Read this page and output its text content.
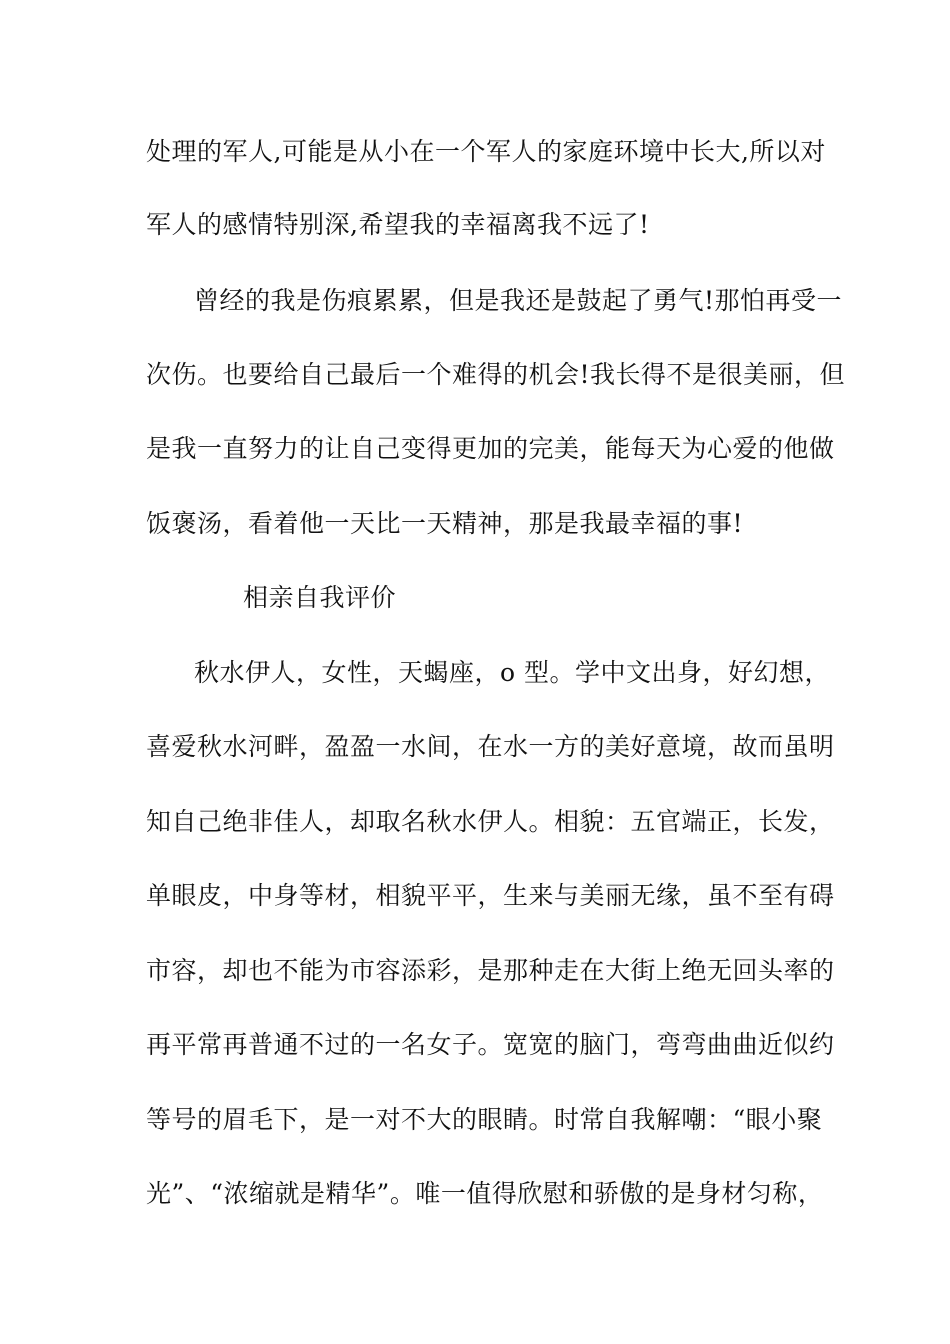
处理的军人,可能是从小在一个军人的家庭环境中长大,所以对
军人的感情特别深,希望我的幸福离我不远了!
曾经的我是伤痕累累，但是我还是鼓起了勇气!那怕再受一
次伤。也要给自己最后一个难得的机会!我长得不是很美丽，但
是我一直努力的让自己变得更加的完美，能每天为心爱的他做
饭褒汤，看着他一天比一天精神，那是我最幸福的事!
相亲自我评价
秋水伊人，女性，天蝎座，o 型。学中文出身，好幻想，
喜爱秋水河畔，盈盈一水间，在水一方的美好意境，故而虽明
知自己绝非佳人，却取名秋水伊人。相貌：五官端正，长发，
单眼皮，中身等材，相貌平平，生来与美丽无缘，虽不至有碍
市容，却也不能为市容添彩，是那种走在大街上绝无回头率的
再平常再普通不过的一名女子。宽宽的脑门，弯弯曲曲近似约
等号的眉毛下，是一对不大的眼睛。时常自我解嘲：“眼小聚
光”、“浓缩就是精华”。唯一值得欣慰和骄傲的是身材匀称，
